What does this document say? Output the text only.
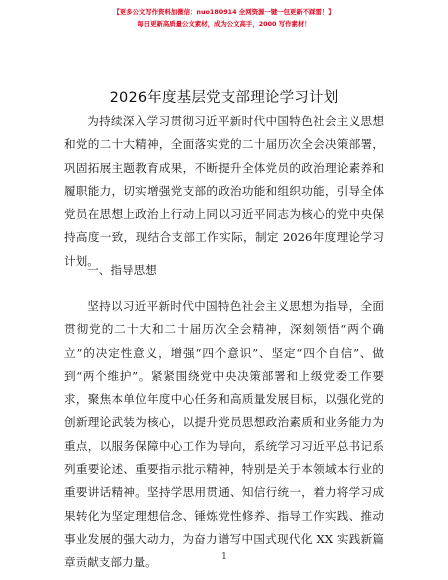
【更多公文写作资料加微信：nuo180914 全网资源一键一包更新不踩雷！】
每日更新高质量公文素材，成为公文高手，2000 写作素材！
2026年度基层党支部理论学习计划
为持续深入学习贯彻习近平新时代中国特色社会主义思想和党的二十大精神，全面落实党的二十届历次全会决策部署，巩固拓展主题教育成果，不断提升全体党员的政治理论素养和履职能力，切实增强党支部的政治功能和组织功能，引导全体党员在思想上政治上行动上同以习近平同志为核心的党中央保持高度一致，现结合支部工作实际，制定 2026年度理论学习计划。
一、指导思想
坚持以习近平新时代中国特色社会主义思想为指导，全面贯彻党的二十大和二十届历次全会精神，深刻领悟“两个确立”的决定性意义，增强“四个意识”、坚定“四个自信”、做到“两个维护”。紧紧围绕党中央决策部署和上级党委工作要求，聚焦本单位年度中心任务和高质量发展目标，以强化党的创新理论武装为核心，以提升党员思想政治素质和业务能力为重点，以服务保障中心工作为导向，系统学习习近平总书记系列重要论述、重要指示批示精神，特别是关于本领域本行业的重要讲话精神。坚持学思用贯通、知信行统一，着力将学习成果转化为坚定理想信念、锤炼党性修养、指导工作实践、推动事业发展的强大动力，为奋力谱写中国式现代化 XX 实践新篇章贡献支部力量。	1
